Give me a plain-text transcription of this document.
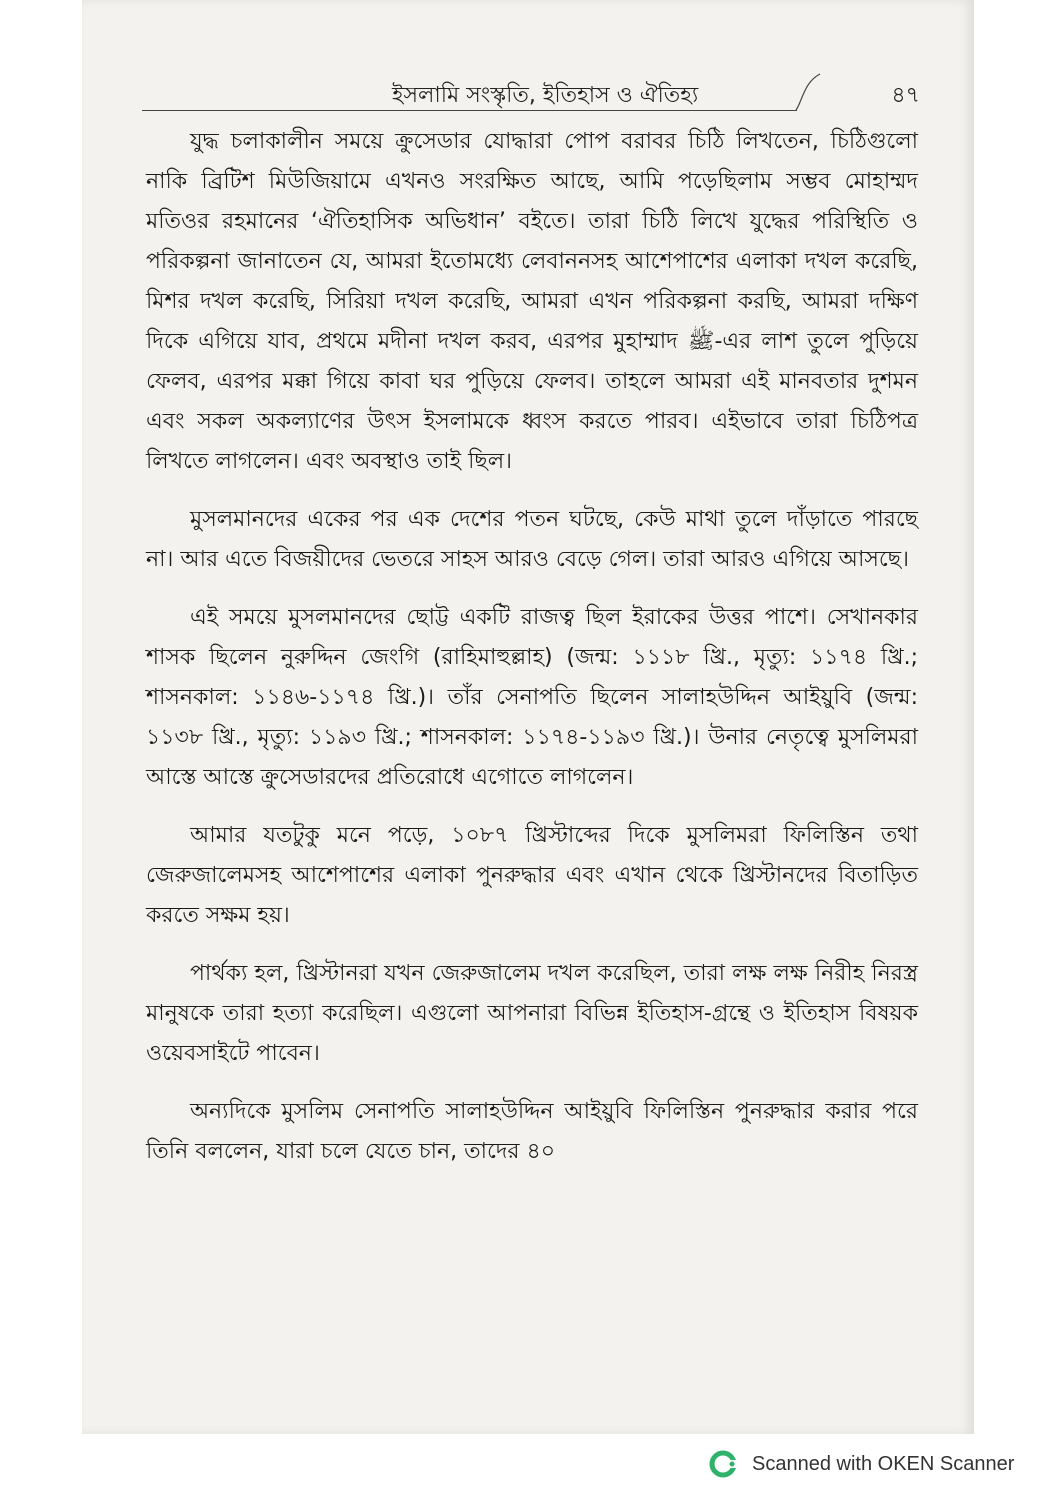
ইসলামি সংস্কৃতি, ইতিহাস ও ঐতিহ্য	৪৭

যুদ্ধ চলাকালীন সময়ে ক্রুসেডার যোদ্ধারা পোপ বরাবর চিঠি লিখতেন, চিঠিগুলো নাকি ব্রিটিশ মিউজিয়ামে এখনও সংরক্ষিত আছে, আমি পড়েছিলাম সম্ভব মোহাম্মদ মতিওর রহমানের ‘ঐতিহাসিক অভিধান’ বইতে। তারা চিঠি লিখে যুদ্ধের পরিস্থিতি ও পরিকল্পনা জানাতেন যে, আমরা ইতোমধ্যে লেবাননসহ আশেপাশের এলাকা দখল করেছি, মিশর দখল করেছি, সিরিয়া দখল করেছি, আমরা এখন পরিকল্পনা করছি, আমরা দক্ষিণ দিকে এগিয়ে যাব, প্রথমে মদীনা দখল করব, এরপর মুহাম্মাদ ﷺ-এর লাশ তুলে পুড়িয়ে ফেলব, এরপর মক্কা গিয়ে কাবা ঘর পুড়িয়ে ফেলব। তাহলে আমরা এই মানবতার দুশমন এবং সকল অকল্যাণের উৎস ইসলামকে ধ্বংস করতে পারব। এইভাবে তারা চিঠিপত্র লিখতে লাগলেন। এবং অবস্থাও তাই ছিল।

মুসলমানদের একের পর এক দেশের পতন ঘটছে, কেউ মাথা তুলে দাঁড়াতে পারছে না। আর এতে বিজয়ীদের ভেতরে সাহস আরও বেড়ে গেল। তারা আরও এগিয়ে আসছে।

এই সময়ে মুসলমানদের ছোট্ট একটি রাজত্ব ছিল ইরাকের উত্তর পাশে। সেখানকার শাসক ছিলেন নুরুদ্দিন জেংগি (রাহিমাহুল্লাহ) (জন্ম: ১১১৮ খ্রি., মৃত্যু: ১১৭৪ খ্রি.; শাসনকাল: ১১৪৬-১১৭৪ খ্রি.)। তাঁর সেনাপতি ছিলেন সালাহউদ্দিন আইয়ুবি (জন্ম: ১১৩৮ খ্রি., মৃত্যু: ১১৯৩ খ্রি.; শাসনকাল: ১১৭৪-১১৯৩ খ্রি.)। উনার নেতৃত্বে মুসলিমরা আস্তে আস্তে ক্রুসেডারদের প্রতিরোধে এগোতে লাগলেন।

আমার যতটুকু মনে পড়ে, ১০৮৭ খ্রিস্টাব্দের দিকে মুসলিমরা ফিলিস্তিন তথা জেরুজালেমসহ আশেপাশের এলাকা পুনরুদ্ধার এবং এখান থেকে খ্রিস্টানদের বিতাড়িত করতে সক্ষম হয়।

পার্থক্য হল, খ্রিস্টানরা যখন জেরুজালেম দখল করেছিল, তারা লক্ষ লক্ষ নিরীহ নিরস্ত্র মানুষকে তারা হত্যা করেছিল। এগুলো আপনারা বিভিন্ন ইতিহাস-গ্রন্থে ও ইতিহাস বিষয়ক ওয়েবসাইটে পাবেন।

অন্যদিকে মুসলিম সেনাপতি সালাহউদ্দিন আইয়ুবি ফিলিস্তিন পুনরুদ্ধার করার পরে তিনি বললেন, যারা চলে যেতে চান, তাদের ৪০

Scanned with OKEN Scanner
